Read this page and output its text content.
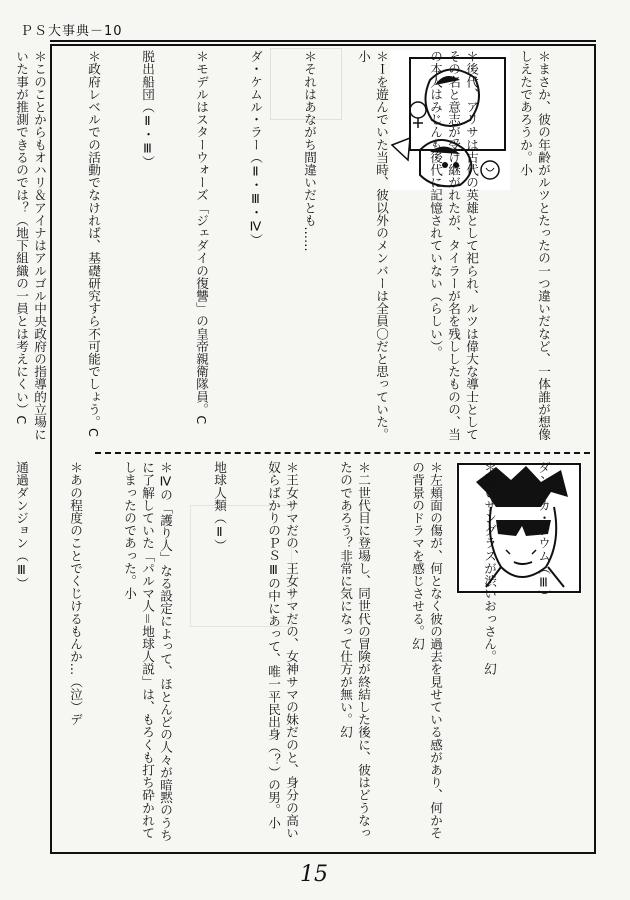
ＰＳ大事典－10

＊まさか、彼の年齢がルツとたったの一つ違いだなど、一体誰が想像しえたであろうか。小

＊後代、アリサは古代の英雄として祀られ、ルツは偉大な導士としてその名と意志が受け継がれたが、タイラーが名を残ししたものの、当の本人はみじんも後代に記憶されていない（らしい）。

＊Ｉを遊んでいた当時、彼以外のメンバーは全員〇だと思っていた。小

＊それはあながち間違いだとも……

ダ・ケムル・ラー（Ⅱ・Ⅲ・Ⅳ）

＊モデルはスターウォーズ「ジェダイの復讐」の皇帝親衛隊員。C

脱出船団（Ⅱ・Ⅲ）

＊政府レベルでの活動でなければ、基礎研究すら不可能でしょう。C

＊このことからもオハリ＆アイナはアルゴル中央政府の指導的立場にいた事が推測できるのでは？（地下組織の一員とは考えにくい）C

ダン・カ・シウム（Ⅲ）

＊濃いサングラスが渋いおっさん。幻

＊左頬面の傷が、何となく彼の過去を見せている感があり、何かその背景のドラマを感じさせる。幻

＊二世代目に登場し、同世代の冒険が終結した後に、彼はどうなったのであろう？非常に気になって仕方が無い。幻

＊王女サマだの、王女サマだの、女神サマの妹だのと、身分の高い奴らばかりのＰＳⅢの中にあって、唯一平民出身（？）の男。小

地球人類（Ⅱ）

＊Ⅳの「護り人」なる設定によって、ほとんどの人々が暗黙のうちに了解していた「パルマ人＝地球人説」は、もろくも打ち砕かれてしまったのであった。小

＊あの程度のことでくじけるもんか…（泣）デ

通過ダンジョン（Ⅲ）

15
